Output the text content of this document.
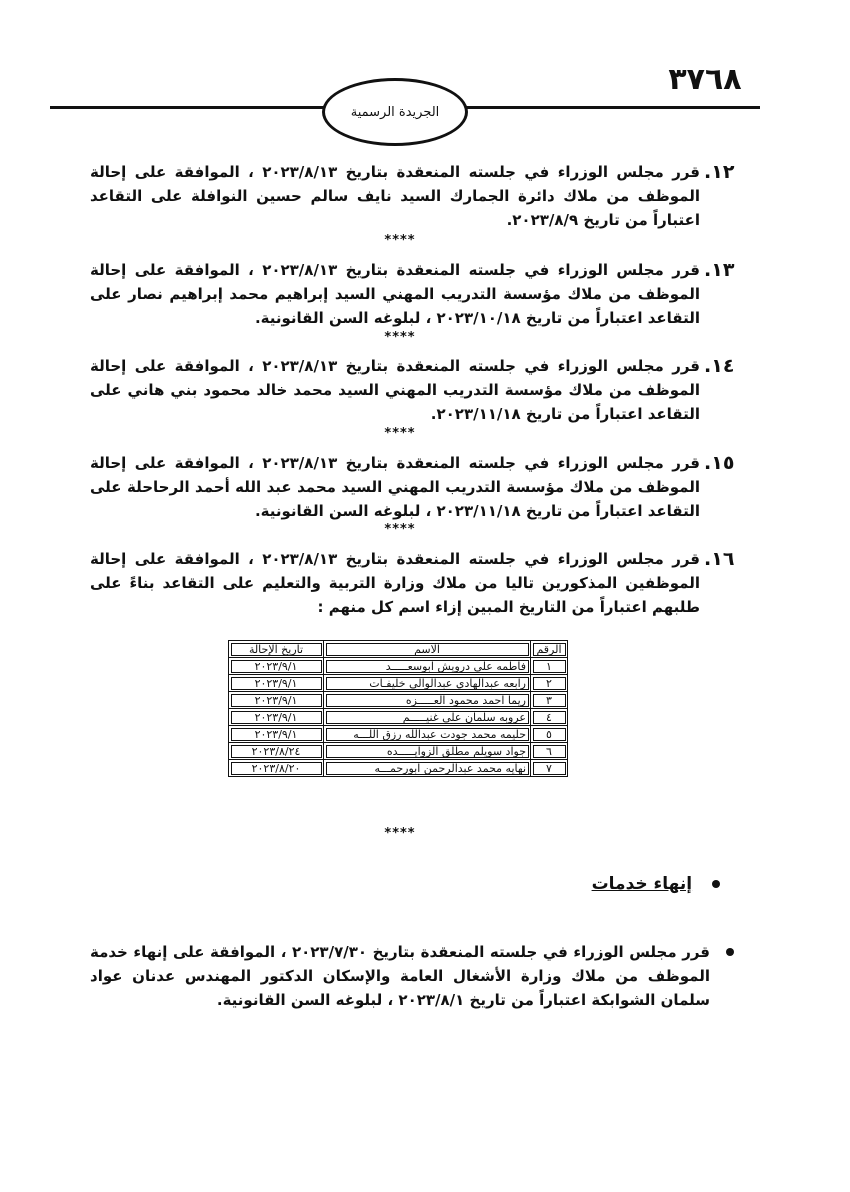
٣٧٦٨
الجريدة الرسمية
١٢.
قرر مجلس الوزراء في جلسته المنعقدة بتاريخ ٢٠٢٣/٨/١٣ ، الموافقة على إحالة الموظف من ملاك دائرة الجمارك السيد نايف سالم حسين النوافلة على التقاعد اعتباراً من تاريخ ٢٠٢٣/٨/٩.
****
١٣.
قرر مجلس الوزراء في جلسته المنعقدة بتاريخ ٢٠٢٣/٨/١٣ ، الموافقة على إحالة الموظف من ملاك مؤسسة التدريب المهني السيد إبراهيم محمد إبراهيم نصار على التقاعد اعتباراً من تاريخ ٢٠٢٣/١٠/١٨ ، لبلوغه السن القانونية.
****
١٤.
قرر مجلس الوزراء في جلسته المنعقدة بتاريخ ٢٠٢٣/٨/١٣ ، الموافقة على إحالة الموظف من ملاك مؤسسة التدريب المهني السيد محمد خالد محمود بني هاني على التقاعد اعتباراً من تاريخ ٢٠٢٣/١١/١٨.
****
١٥.
قرر مجلس الوزراء في جلسته المنعقدة بتاريخ ٢٠٢٣/٨/١٣ ، الموافقة على إحالة الموظف من ملاك مؤسسة التدريب المهني السيد محمد عبد الله أحمد الرحاحلة على التقاعد اعتباراً من تاريخ ٢٠٢٣/١١/١٨ ، لبلوغه السن القانونية.
****
١٦.
قرر مجلس الوزراء في جلسته المنعقدة بتاريخ ٢٠٢٣/٨/١٣ ، الموافقة على إحالة الموظفين المذكورين تاليا من ملاك وزارة التربية والتعليم على التقاعد بناءً على طلبهم اعتباراً من التاريخ المبين إزاء اسم كل منهم :
الرقم	الاسم	تاريخ الإحالة
١	فاطمه علي درويش ابوسعـــــد	٢٠٢٣/٩/١
٢	رابعه عبدالهادي عبدالوالي خليفـات	٢٠٢٣/٩/١
٣	ريما احمد محمود العـــــزه	٢٠٢٣/٩/١
٤	عروبه سلمان علي غنيـــــم	٢٠٢٣/٩/١
٥	حليمه محمد جودت عبدالله رزق اللـــه	٢٠٢٣/٩/١
٦	جواد سويلم مطلق الزوايـــــده	٢٠٢٣/٨/٢٤
٧	نهايه محمد عبدالرحمن ابورحمـــه	٢٠٢٣/٨/٢٠
****
إنهاء خدمات
قرر مجلس الوزراء في جلسته المنعقدة بتاريخ ٢٠٢٣/٧/٣٠ ، الموافقة على إنهاء خدمة الموظف من ملاك وزارة الأشغال العامة والإسكان الدكتور المهندس عدنان عواد سلمان الشوابكة اعتباراً من تاريخ ٢٠٢٣/٨/١ ، لبلوغه السن القانونية.
